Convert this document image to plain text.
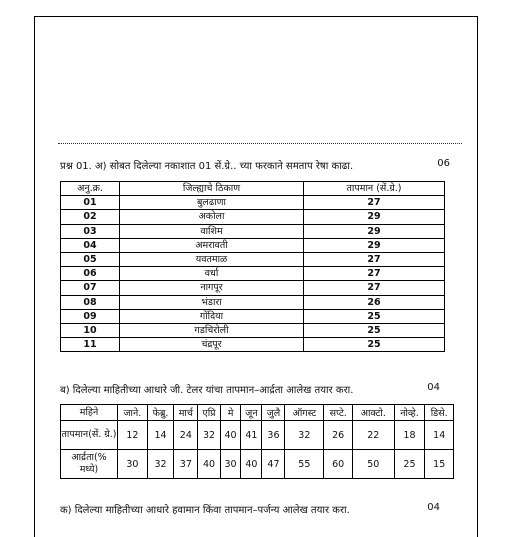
प्रश्न 01. अ) सोबत दिलेल्या नकाशात 01 सें.ग्रे.. च्या फरकाने समताप रेषा काढा.	06
अनु.क्र.	जिल्ह्याचे ठिकाण	तापमान (सें.ग्रे.)
01	बुलढाणा	27
02	अकोला	29
03	वाशिम	29
04	अमरावती	29
05	यवतमाळ	27
06	वर्धा	27
07	नागपूर	27
08	भंडारा	26
09	गोंदिया	25
10	गडचिरोली	25
11	चंद्रपूर	25
ब) दिलेल्या माहितीच्या आधारे जी. टेलर यांचा तापमान–आर्द्रता आलेख तयार करा.	04
महिने	जाने.	फेब्रु.	मार्च	एप्रि	मे	जून	जुलै	ऑगस्ट	सप्टे.	आक्टो.	नोव्हे.	डिसे.
तापमान(सें. ग्रे.)	12	14	24	32	40	41	36	32	26	22	18	14
आर्द्रता(% मध्ये)	30	32	37	40	30	40	47	55	60	50	25	15
क) दिलेल्या माहितीच्या आधारे हवामान किंवा तापमान–पर्जन्य आलेख तयार करा.	04
